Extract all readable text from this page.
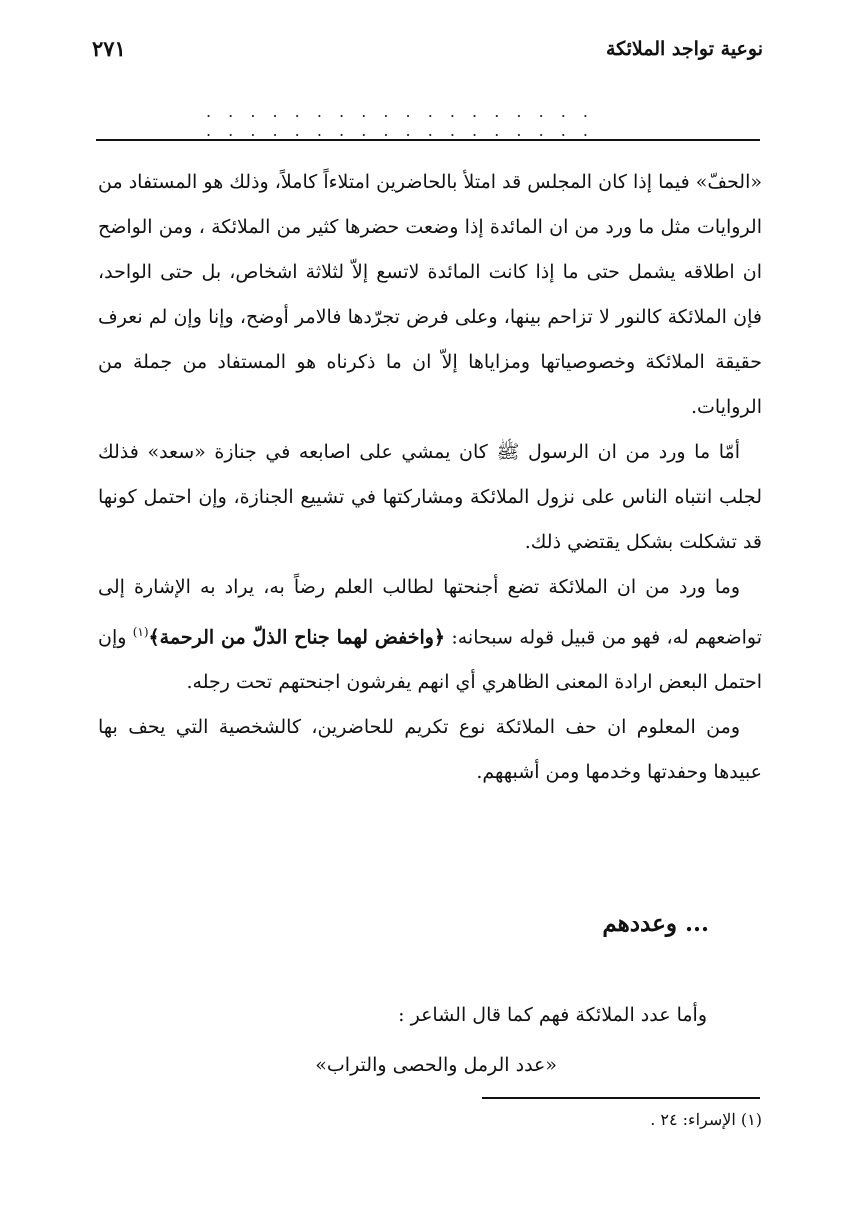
نوعية تواجد الملائكة
٢٧١
. . . . . . . . . . . . . . . . . . . . . . . . . . . . . . . . . . . .

«الحفّ» فيما إذا كان المجلس قد امتلأ بالحاضرين امتلاءاً كاملاً، وذلك هو المستفاد من الروايات مثل ما ورد من ان المائدة إذا وضعت حضرها كثير من الملائكة ، ومن الواضح ان اطلاقه يشمل حتى ما إذا كانت المائدة لاتسع إلاّ لثلاثة اشخاص، بل حتى الواحد، فإن الملائكة كالنور لا تزاحم بينها، وعلى فرض تجرّدها فالامر أوضح، وإنا وإن لم نعرف حقيقة الملائكة وخصوصياتها ومزاياها إلاّ ان ما ذكرناه هو المستفاد من جملة من الروايات.

أمّا ما ورد من ان الرسول ﷺ كان يمشي على اصابعه في جنازة «سعد» فذلك لجلب انتباه الناس على نزول الملائكة ومشاركتها في تشييع الجنازة، وإن احتمل كونها قد تشكلت بشكل يقتضي ذلك.

وما ورد من ان الملائكة تضع أجنحتها لطالب العلم رضاً به، يراد به الإشارة إلى تواضعهم له، فهو من قبيل قوله سبحانه: ﴿واخفض لهما جناح الذلّ من الرحمة﴾$^{(١)}$ وإن احتمل البعض ارادة المعنى الظاهري أي انهم يفرشون اجنحتهم تحت رجله.

ومن المعلوم ان حف الملائكة نوع تكريم للحاضرين، كالشخصية التي يحف بها عبيدها وحفدتها وخدمها ومن أشبههم.

... وعددهم
وأما عدد الملائكة فهم كما قال الشاعر :
«عدد الرمل والحصى والتراب»
(١) الإسراء: ٢٤ .
